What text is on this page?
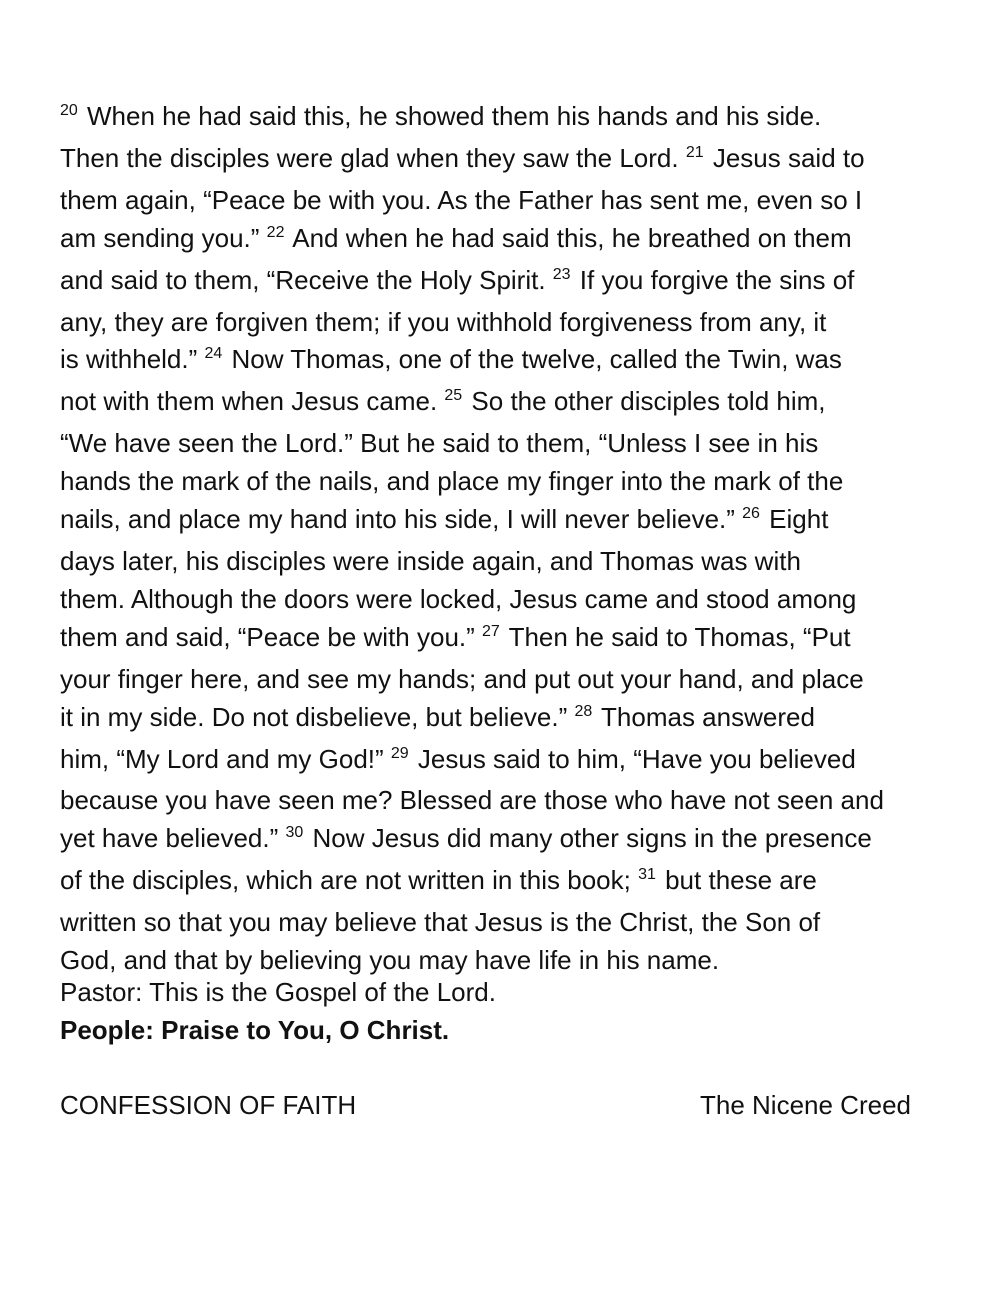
$^{20}$ When he had said this, he showed them his hands and his side.
Then the disciples were glad when they saw the Lord. $^{21}$ Jesus said to
them again, “Peace be with you. As the Father has sent me, even so I
am sending you.” $^{22}$ And when he had said this, he breathed on them
and said to them, “Receive the Holy Spirit. $^{23}$ If you forgive the sins of
any, they are forgiven them; if you withhold forgiveness from any, it
is withheld.” $^{24}$ Now Thomas, one of the twelve, called the Twin, was
not with them when Jesus came. $^{25}$ So the other disciples told him,
“We have seen the Lord.” But he said to them, “Unless I see in his
hands the mark of the nails, and place my finger into the mark of the
nails, and place my hand into his side, I will never believe.” $^{26}$ Eight
days later, his disciples were inside again, and Thomas was with
them. Although the doors were locked, Jesus came and stood among
them and said, “Peace be with you.” $^{27}$ Then he said to Thomas, “Put
your finger here, and see my hands; and put out your hand, and place
it in my side. Do not disbelieve, but believe.” $^{28}$ Thomas answered
him, “My Lord and my God!” $^{29}$ Jesus said to him, “Have you believed
because you have seen me? Blessed are those who have not seen and
yet have believed.” $^{30}$ Now Jesus did many other signs in the presence
of the disciples, which are not written in this book; $^{31}$ but these are
written so that you may believe that Jesus is the Christ, the Son of
God, and that by believing you may have life in his name.
Pastor: This is the Gospel of the Lord.
People: Praise to You, O Christ.
CONFESSION OF FAITH	The Nicene Creed
